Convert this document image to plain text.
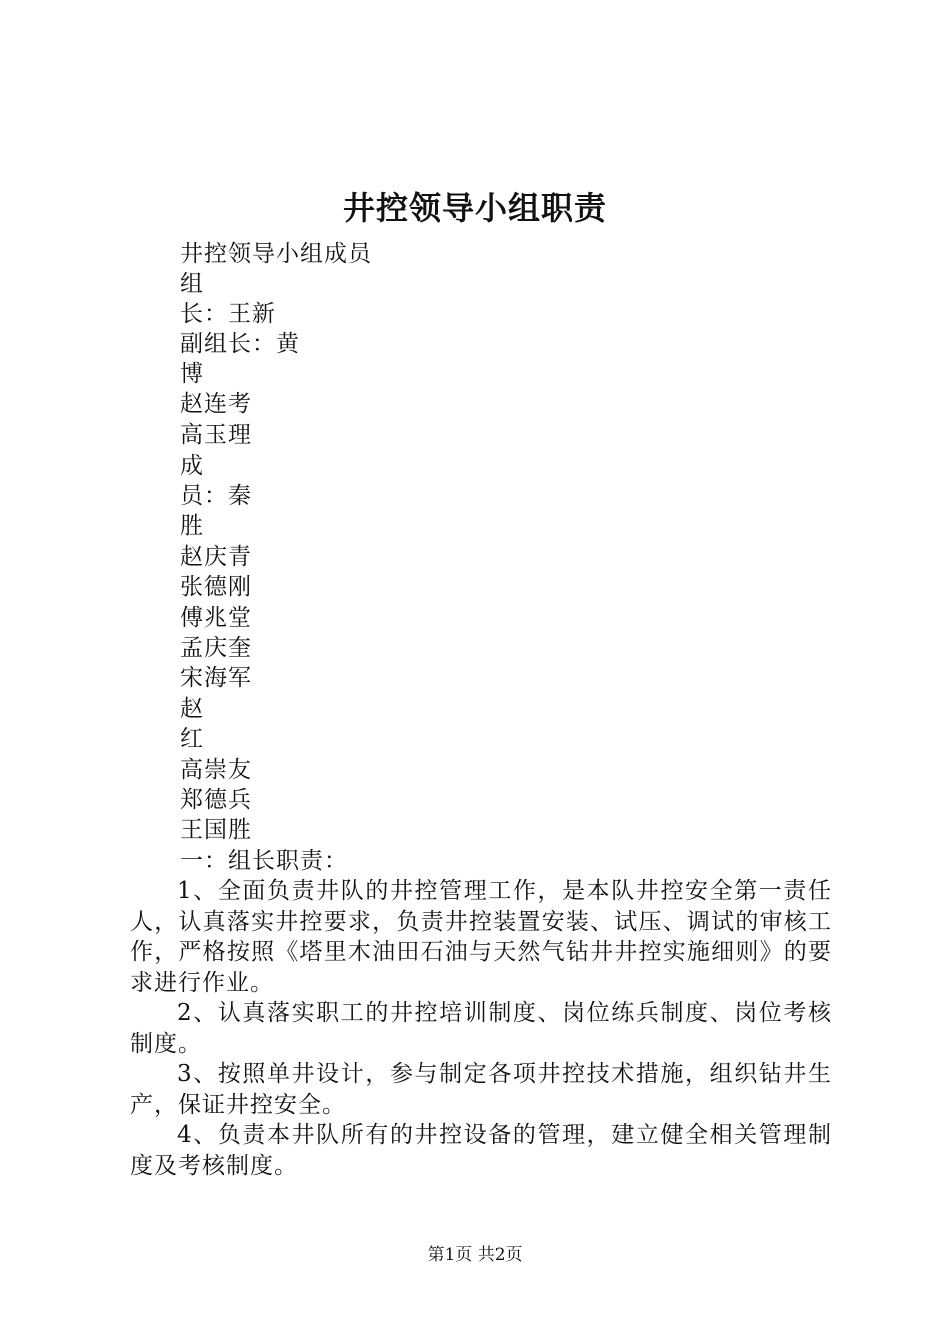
井控领导小组职责
井控领导小组成员
组
长：王新
副组长：黄
博
赵连考
高玉理
成
员：秦
胜
赵庆青
张德刚
傅兆堂
孟庆奎
宋海军
赵
红
高崇友
郑德兵
王国胜
一：组长职责：
1、全面负责井队的井控管理工作，是本队井控安全第一责任人，认真落实井控要求，负责井控装置安装、试压、调试的审核工作，严格按照《塔里木油田石油与天然气钻井井控实施细则》的要求进行作业。
2、认真落实职工的井控培训制度、岗位练兵制度、岗位考核制度。
3、按照单井设计，参与制定各项井控技术措施，组织钻井生产，保证井控安全。
4、负责本井队所有的井控设备的管理，建立健全相关管理制度及考核制度。
第1页 共2页
